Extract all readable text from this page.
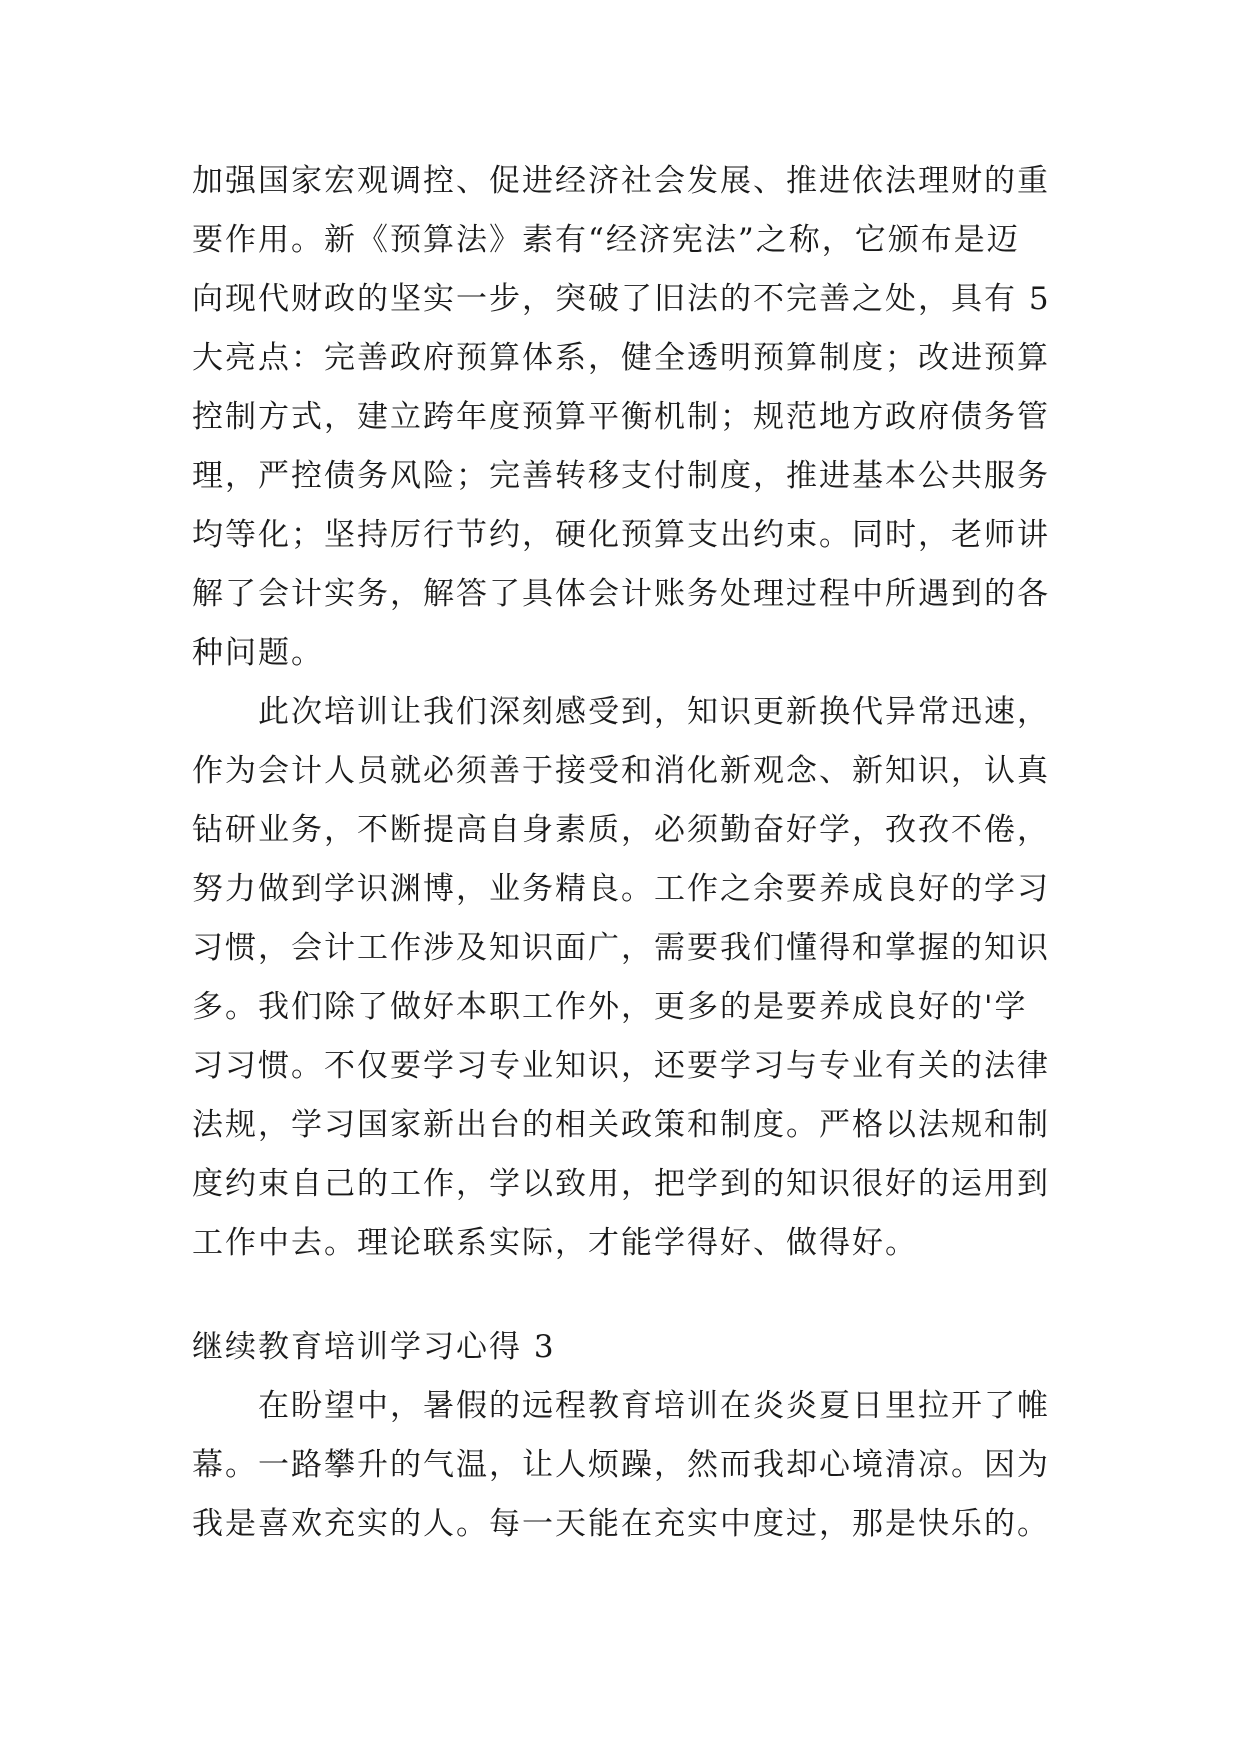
加强国家宏观调控、促进经济社会发展、推进依法理财的重
要作用。新《预算法》素有“经济宪法”之称，它颁布是迈
向现代财政的坚实一步，突破了旧法的不完善之处，具有 5
大亮点：完善政府预算体系，健全透明预算制度；改进预算
控制方式，建立跨年度预算平衡机制；规范地方政府债务管
理，严控债务风险；完善转移支付制度，推进基本公共服务
均等化；坚持厉行节约，硬化预算支出约束。同时，老师讲
解了会计实务，解答了具体会计账务处理过程中所遇到的各
种问题。
此次培训让我们深刻感受到，知识更新换代异常迅速，
作为会计人员就必须善于接受和消化新观念、新知识，认真
钻研业务，不断提高自身素质，必须勤奋好学，孜孜不倦，
努力做到学识渊博，业务精良。工作之余要养成良好的学习
习惯，会计工作涉及知识面广，需要我们懂得和掌握的知识
多。我们除了做好本职工作外，更多的是要养成良好的'学
习习惯。不仅要学习专业知识，还要学习与专业有关的法律
法规，学习国家新出台的相关政策和制度。严格以法规和制
度约束自己的工作，学以致用，把学到的知识很好的运用到
工作中去。理论联系实际，才能学得好、做得好。
继续教育培训学习心得 3
在盼望中，暑假的远程教育培训在炎炎夏日里拉开了帷
幕。一路攀升的气温，让人烦躁，然而我却心境清凉。因为
我是喜欢充实的人。每一天能在充实中度过，那是快乐的。
